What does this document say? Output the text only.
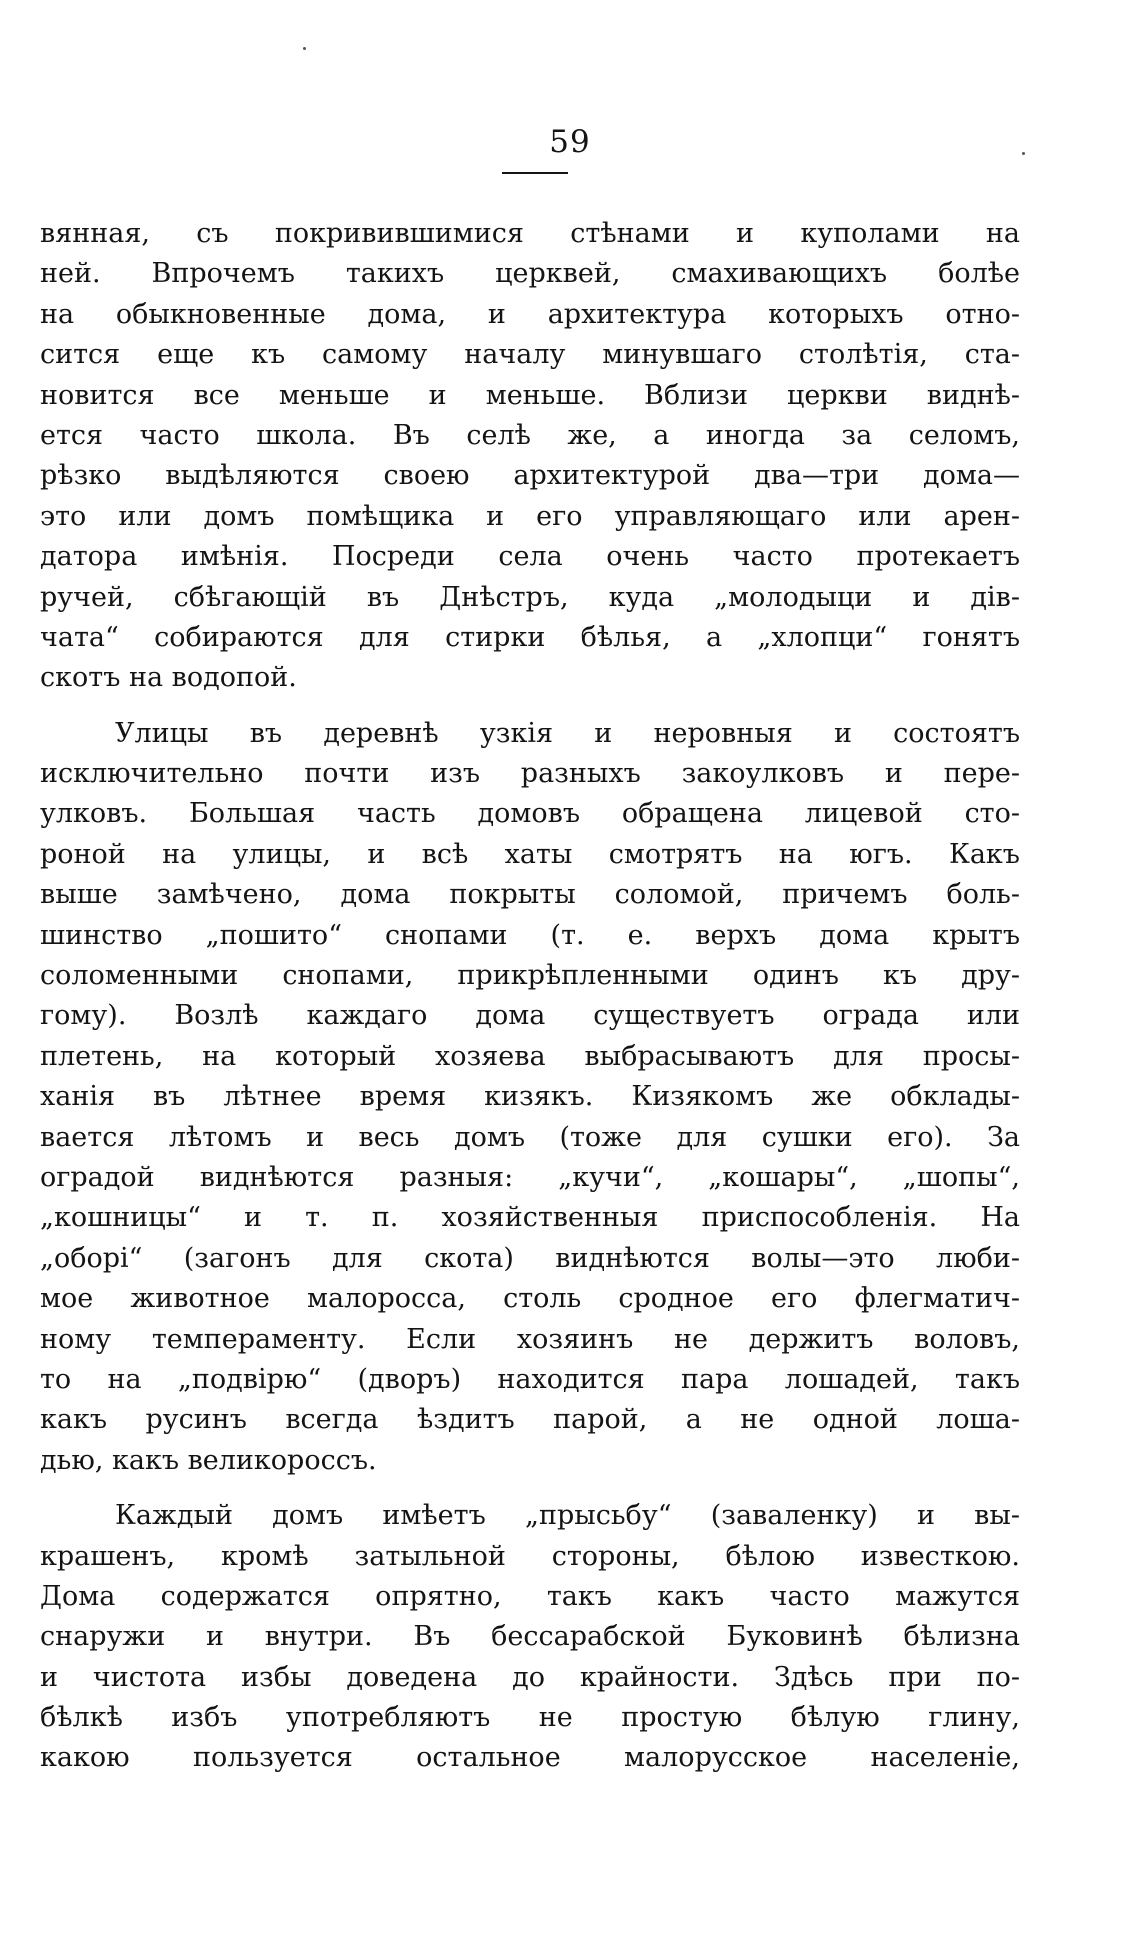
59
вянная, съ покривившимися стѣнами и куполами на
ней. Впрочемъ такихъ церквей, смахивающихъ болѣе
на обыкновенные дома, и архитектура которыхъ отно-
сится еще къ самому началу минувшаго столѣтія, ста-
новится все меньше и меньше. Вблизи церкви виднѣ-
ется часто школа. Въ селѣ же, а иногда за селомъ,
рѣзко выдѣляются своею архитектурой два—три дома—
это или домъ помѣщика и его управляющаго или арен-
датора имѣнія. Посреди села очень часто протекаетъ
ручей, сбѣгающій въ Днѣстръ, куда „молодыци и дiв-
чата“ собираются для стирки бѣлья, а „хлопци“ гонятъ
скотъ на водопой.
Улицы въ деревнѣ узкія и неровныя и состоятъ
исключительно почти изъ разныхъ закоулковъ и пере-
улковъ. Большая часть домовъ обращена лицевой сто-
роной на улицы, и всѣ хаты смотрятъ на югъ. Какъ
выше замѣчено, дома покрыты соломой, причемъ боль-
шинство „пошито“ снопами (т. е. верхъ дома крытъ
соломенными снопами, прикрѣпленными одинъ къ дру-
гому). Возлѣ каждаго дома существуетъ ограда или
плетень, на который хозяева выбрасываютъ для просы-
ханія въ лѣтнее время кизякъ. Кизякомъ же обклады-
вается лѣтомъ и весь домъ (тоже для сушки его). За
оградой виднѣются разныя: „кучи“, „кошары“, „шопы“,
„кошницы“ и т. п. хозяйственныя приспособленія. На
„оборi“ (загонъ для скота) виднѣются волы—это люби-
мое животное малоросса, столь сродное его флегматич-
ному темпераменту. Если хозяинъ не держитъ воловъ,
то на „подвiрю“ (дворъ) находится пара лошадей, такъ
какъ русинъ всегда ѣздитъ парой, а не одной лоша-
дью, какъ великороссъ.
Каждый домъ имѣетъ „прысьбу“ (заваленку) и вы-
крашенъ, кромѣ затыльной стороны, бѣлою известкою.
Дома содержатся опрятно, такъ какъ часто мажутся
снаружи и внутри. Въ бессарабской Буковинѣ бѣлизна
и чистота избы доведена до крайности. Здѣсь при по-
бѣлкѣ избъ употребляютъ не простую бѣлую глину,
какою пользуется остальное малорусское населеніе,
